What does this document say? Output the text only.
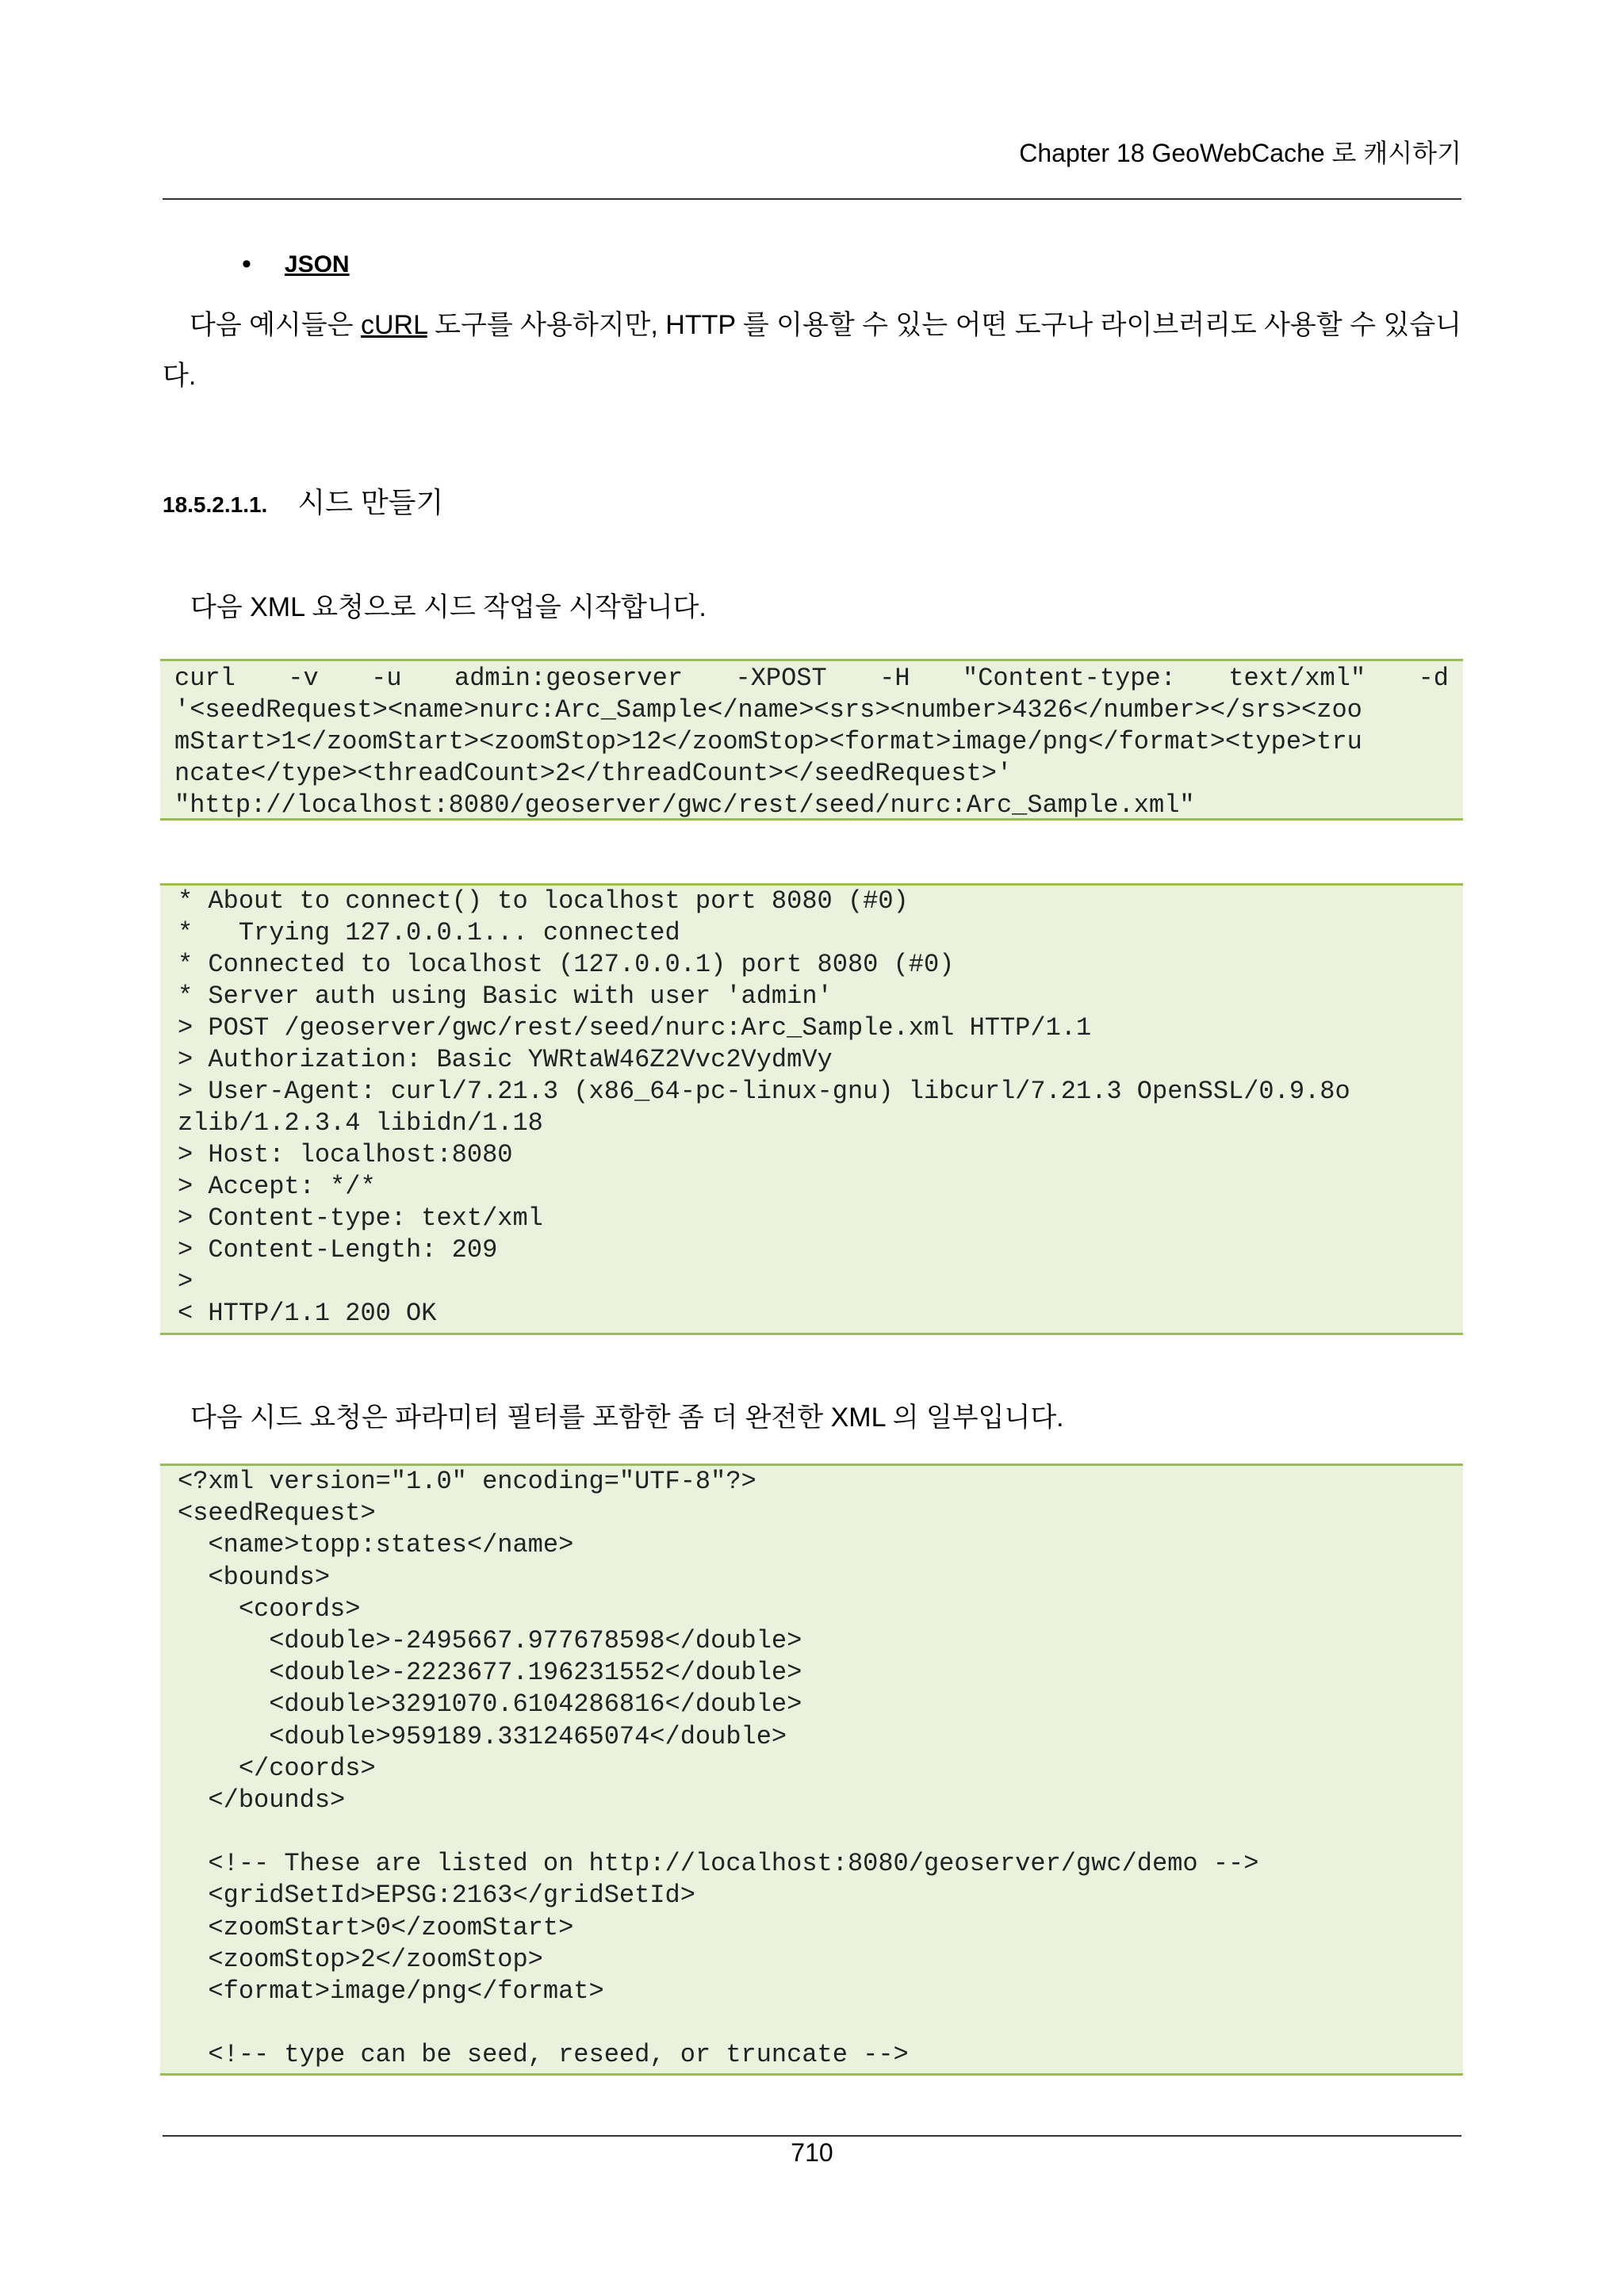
Chapter 18 GeoWebCache 로 캐시하기
• JSON
다음 예시들은 cURL 도구를 사용하지만, HTTP 를 이용할 수 있는 어떤 도구나 라이브러리도 사용할 수 있습니다.
18.5.2.1.1. 시드 만들기
다음 XML 요청으로 시드 작업을 시작합니다.
curl -v -u admin:geoserver -XPOST -H "Content-type: text/xml" -d
'<seedRequest><name>nurc:Arc_Sample</name><srs><number>4326</number></srs><zoo
mStart>1</zoomStart><zoomStop>12</zoomStop><format>image/png</format><type>tru
ncate</type><threadCount>2</threadCount></seedRequest>'
"http://localhost:8080/geoserver/gwc/rest/seed/nurc:Arc_Sample.xml"
* About to connect() to localhost port 8080 (#0)
*   Trying 127.0.0.1... connected
* Connected to localhost (127.0.0.1) port 8080 (#0)
* Server auth using Basic with user 'admin'
> POST /geoserver/gwc/rest/seed/nurc:Arc_Sample.xml HTTP/1.1
> Authorization: Basic YWRtaW46Z2Vvc2VydmVy
> User-Agent: curl/7.21.3 (x86_64-pc-linux-gnu) libcurl/7.21.3 OpenSSL/0.9.8o
zlib/1.2.3.4 libidn/1.18
> Host: localhost:8080
> Accept: */*
> Content-type: text/xml
> Content-Length: 209
>
< HTTP/1.1 200 OK
다음 시드 요청은 파라미터 필터를 포함한 좀 더 완전한 XML 의 일부입니다.
<?xml version="1.0" encoding="UTF-8"?>
<seedRequest>
<name>topp:states</name>
<bounds>
<coords>
<double>-2495667.977678598</double>
<double>-2223677.196231552</double>
<double>3291070.6104286816</double>
<double>959189.3312465074</double>
</coords>
</bounds>
<!-- These are listed on http://localhost:8080/geoserver/gwc/demo -->
<gridSetId>EPSG:2163</gridSetId>
<zoomStart>0</zoomStart>
<zoomStop>2</zoomStop>
<format>image/png</format>
<!-- type can be seed, reseed, or truncate -->
710
